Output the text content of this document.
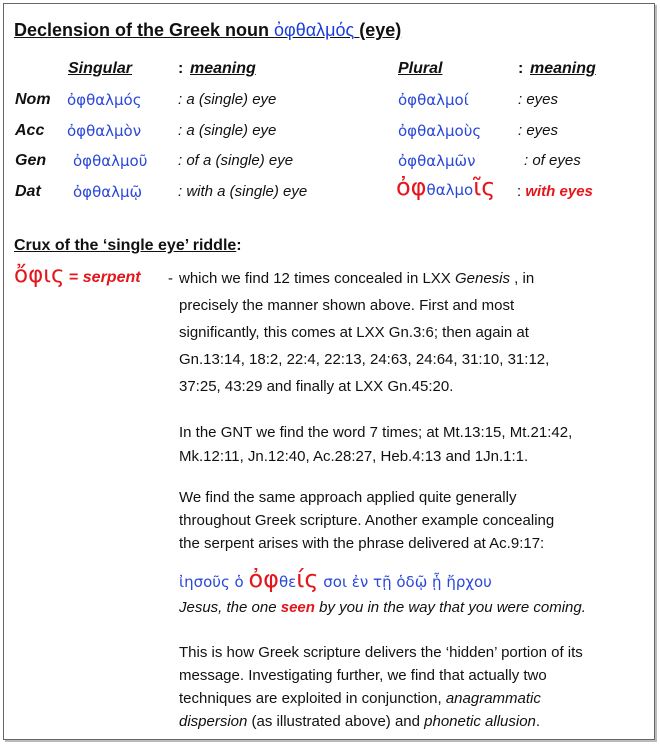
Declension of the Greek noun ὀφθαλμός (eye)
Singular	: meaning	Plural	: meaning
Nom ὀφθαλμός : a (single) eye	ὀφθαλμοί	: eyes
Acc ὀφθαλμὸν : a (single) eye	ὀφθαλμοὺς : eyes
Gen ὀφθαλμοῦ : of a (single) eye	ὀφθαλμῶν	: of eyes
Dat ὀφθαλμῷ : with a (single) eye	ὀφθαλμοῖς : with eyes
Crux of the ‘single eye’ riddle:
ὄφις = serpent - which we find 12 times concealed in LXX Genesis , in
precisely the manner shown above. First and most
significantly, this comes at LXX Gn.3:6; then again at
Gn.13:14, 18:2, 22:4, 22:13, 24:63, 24:64, 31:10, 31:12,
37:25, 43:29 and finally at LXX Gn.45:20.
In the GNT we find the word 7 times; at Mt.13:15, Mt.21:42,
Mk.12:11, Jn.12:40, Ac.28:27, Heb.4:13 and 1Jn.1:1.
We find the same approach applied quite generally
throughout Greek scripture. Another example concealing
the serpent arises with the phrase delivered at Ac.9:17:
ἰησοῦς ὁ ὀφθείς σοι ἐν τῇ ὁδῷ ᾗ ἤρχου
Jesus, the one seen by you in the way that you were coming.
This is how Greek scripture delivers the ‘hidden’ portion of its
message. Investigating further, we find that actually two
techniques are exploited in conjunction, anagrammatic
dispersion (as illustrated above) and phonetic allusion.
